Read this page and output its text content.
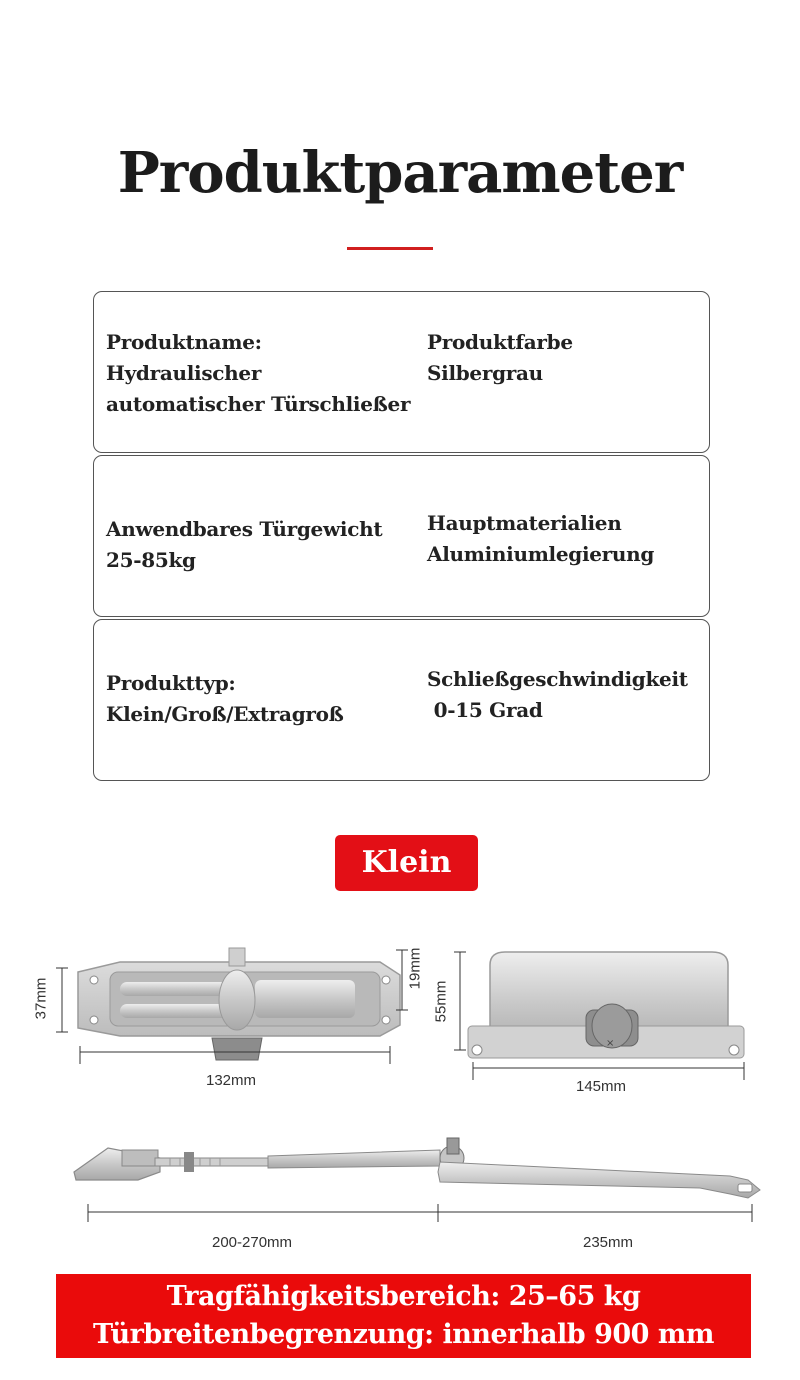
Produktparameter
Produktname:
Hydraulischer
automatischer Türschließer
Produktfarbe
Silbergrau
Anwendbares Türgewicht
25-85kg
Hauptmaterialien
Aluminiumlegierung
Produkttyp:
Klein/Groß/Extragroß
Schließgeschwindigkeit
0-15 Grad
Klein
37mm
132mm
19mm
×
55mm
145mm
200-270mm	235mm
Tragfähigkeitsbereich: 25–65 kg
Türbreitenbegrenzung: innerhalb 900 mm
